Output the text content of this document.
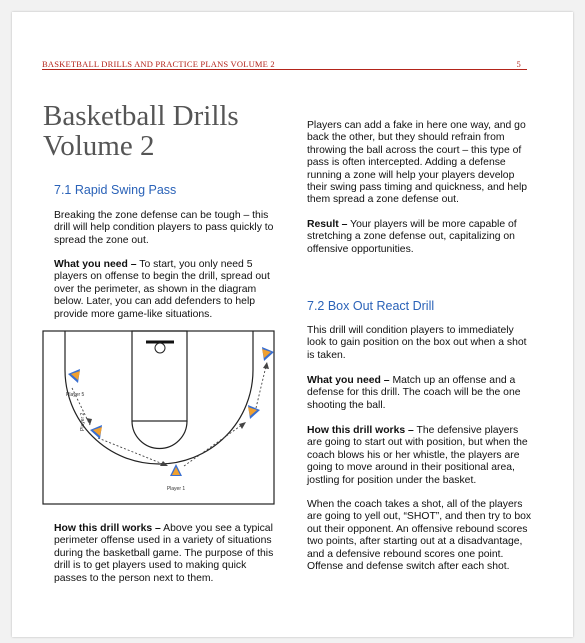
BASKETBALL DRILLS AND PRACTICE PLANS VOLUME 2	5
Basketball Drills
Volume 2
7.1 Rapid Swing Pass

Breaking the zone defense can be tough – this drill will help condition players to pass quickly to spread the zone out.

What you need – To start, you only need 5 players on offense to begin the drill, spread out over the perimeter, as shown in the diagram below. Later, you can add defenders to help provide more game-like situations.

Player 1
Player 2
Player 5

How this drill works – Above you see a typical perimeter offense used in a variety of situations during the basketball game. The purpose of this drill is to get players used to making quick passes to the person next to them.

Players can add a fake in here one way, and go back the other, but they should refrain from throwing the ball across the court – this type of pass is often intercepted. Adding a defense running a zone will help your players develop their swing pass timing and quickness, and help them spread a zone defense out.

Result – Your players will be more capable of stretching a zone defense out, capitalizing on offensive opportunities.

7.2 Box Out React Drill

This drill will condition players to immediately look to gain position on the box out when a shot is taken.

What you need – Match up an offense and a defense for this drill. The coach will be the one shooting the ball.

How this drill works – The defensive players are going to start out with position, but when the coach blows his or her whistle, the players are going to move around in their positional area, jostling for position under the basket.

When the coach takes a shot, all of the players are going to yell out, “SHOT”, and then try to box out their opponent. An offensive rebound scores two points, after starting out at a disadvantage, and a defensive rebound scores one point. Offense and defense switch after each shot.
